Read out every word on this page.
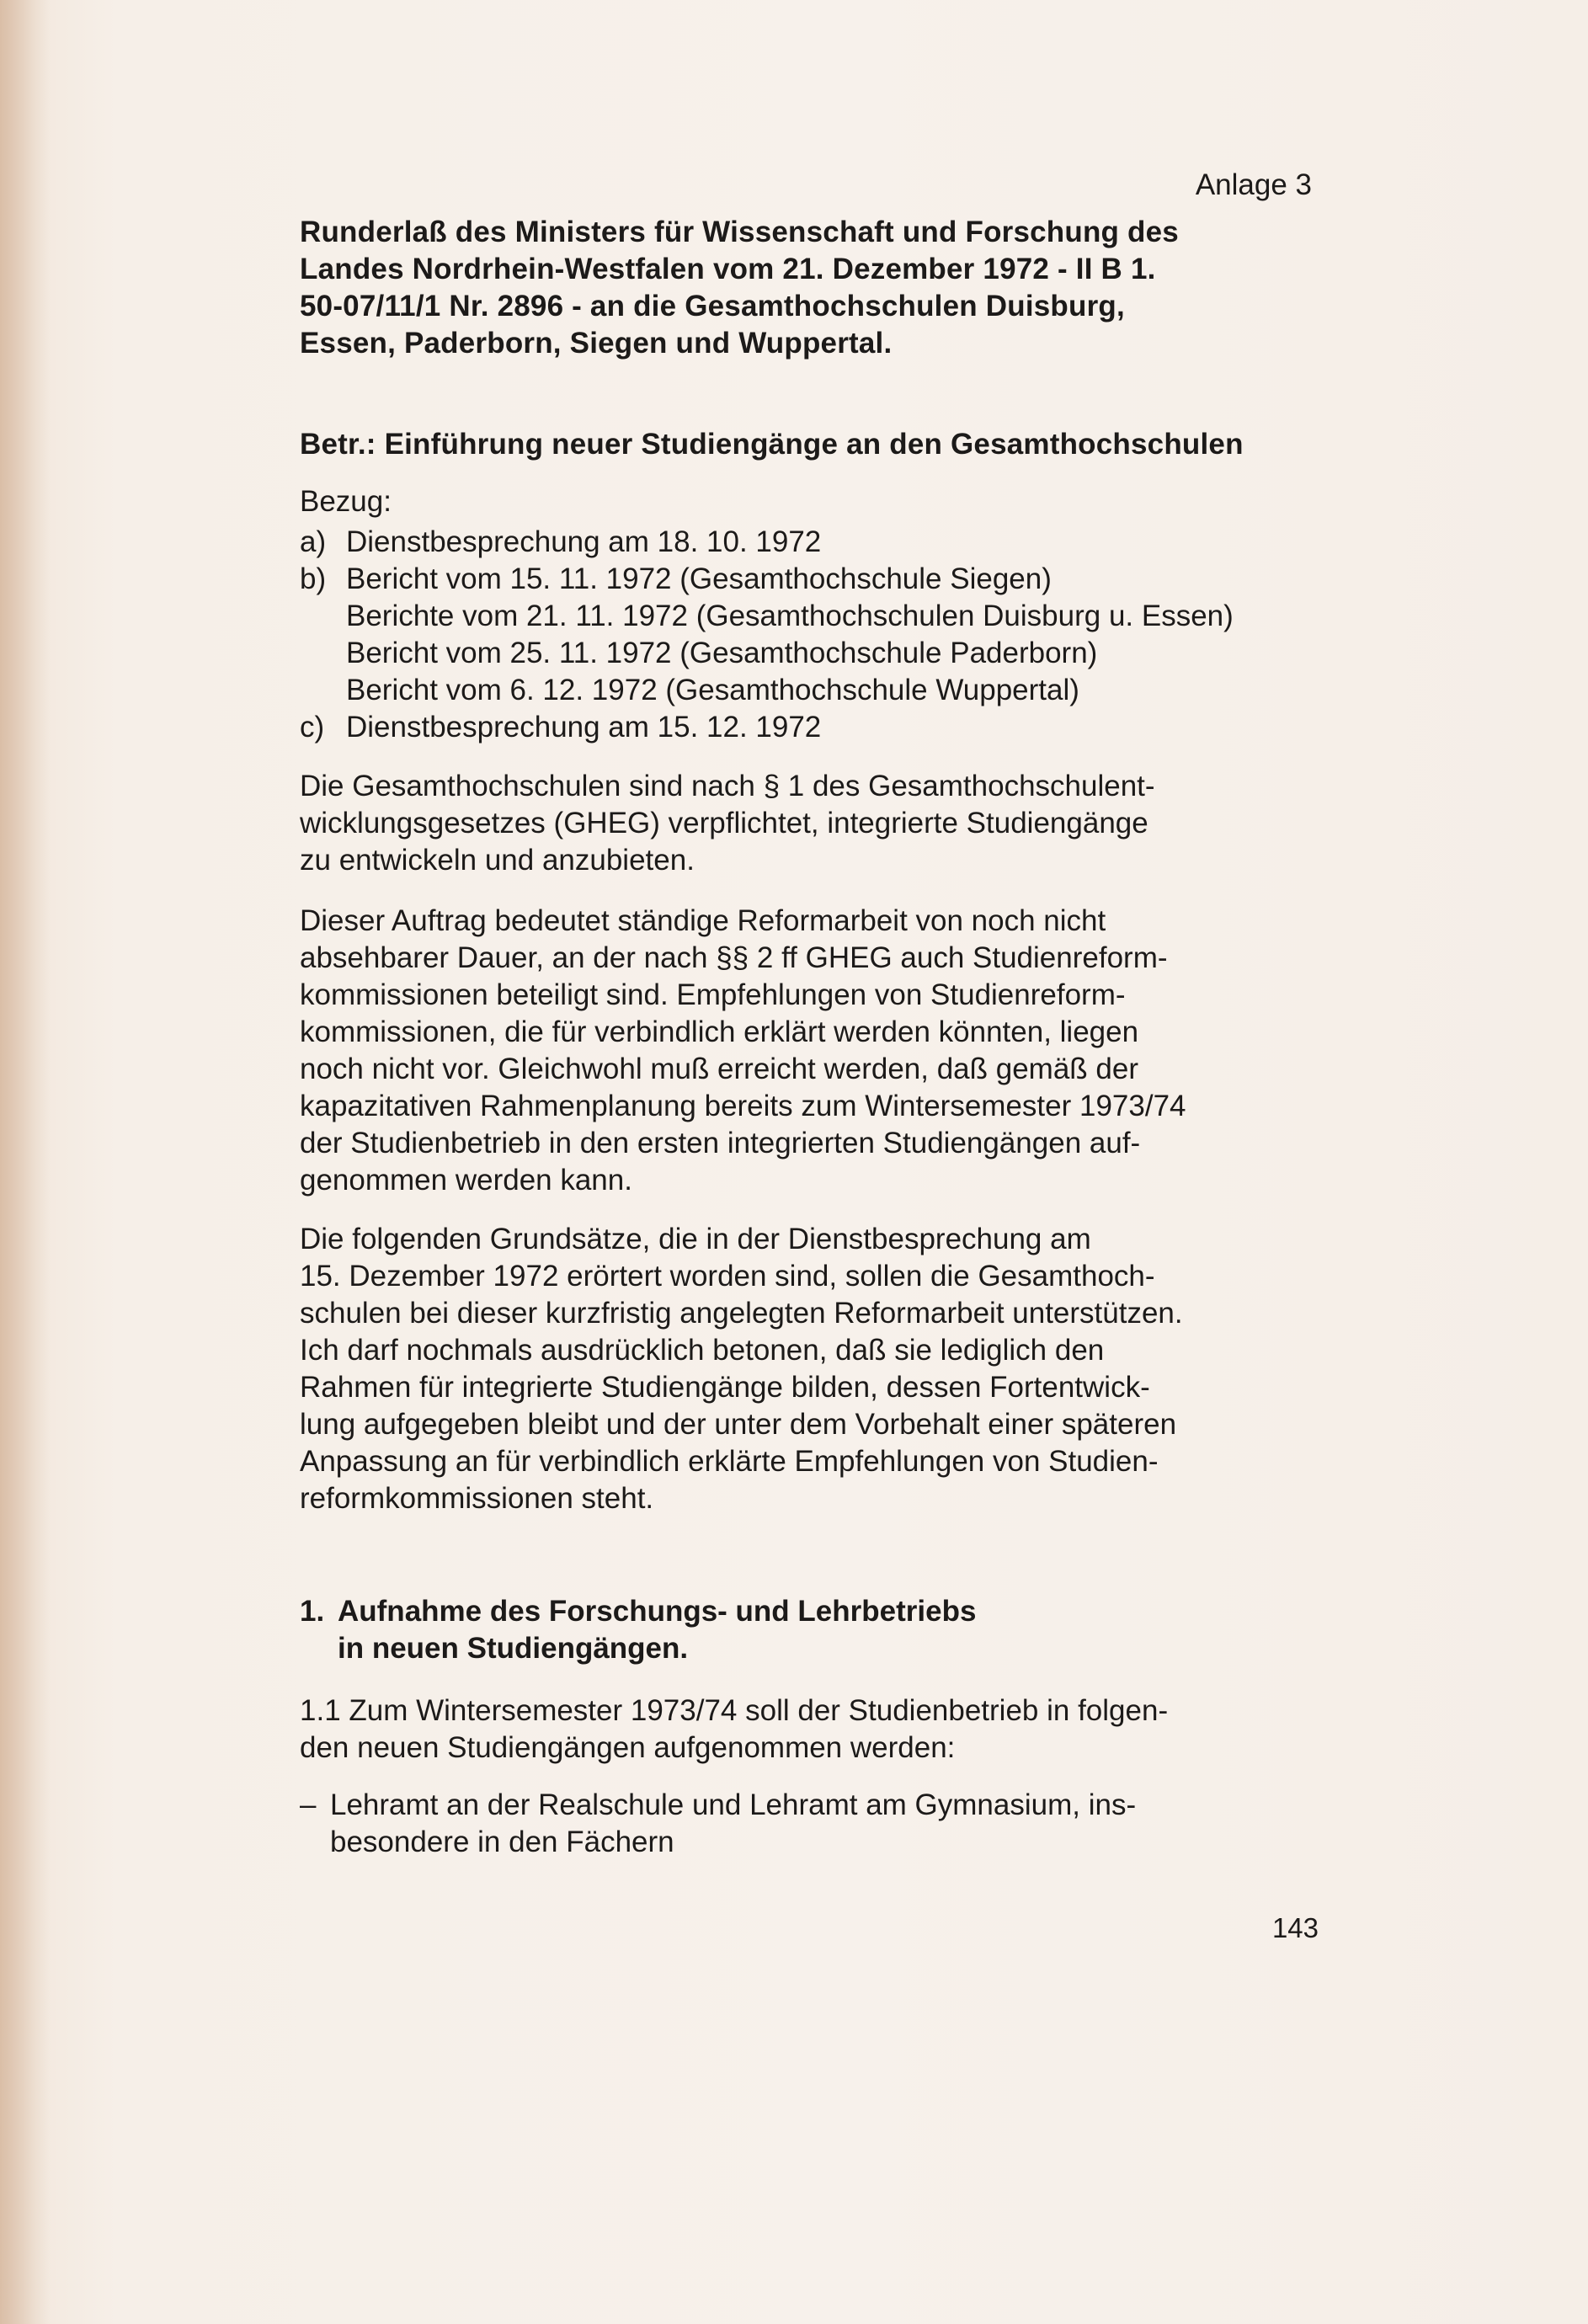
Anlage 3
Runderlaß des Ministers für Wissenschaft und Forschung des
Landes Nordrhein-Westfalen vom 21. Dezember 1972 - II B 1.
50-07/11/1 Nr. 2896 - an die Gesamthochschulen Duisburg,
Essen, Paderborn, Siegen und Wuppertal.
Betr.: Einführung neuer Studiengänge an den Gesamthochschulen
Bezug:
a) Dienstbesprechung am 18. 10. 1972
b) Bericht vom 15. 11. 1972 (Gesamthochschule Siegen)
Berichte vom 21. 11. 1972 (Gesamthochschulen Duisburg u. Essen)
Bericht vom 25. 11. 1972 (Gesamthochschule Paderborn)
Bericht vom 6. 12. 1972 (Gesamthochschule Wuppertal)
c) Dienstbesprechung am 15. 12. 1972
Die Gesamthochschulen sind nach § 1 des Gesamthochschulent-
wicklungsgesetzes (GHEG) verpflichtet, integrierte Studiengänge
zu entwickeln und anzubieten.
Dieser Auftrag bedeutet ständige Reformarbeit von noch nicht
absehbarer Dauer, an der nach §§ 2 ff GHEG auch Studienreform-
kommissionen beteiligt sind. Empfehlungen von Studienreform-
kommissionen, die für verbindlich erklärt werden könnten, liegen
noch nicht vor. Gleichwohl muß erreicht werden, daß gemäß der
kapazitativen Rahmenplanung bereits zum Wintersemester 1973/74
der Studienbetrieb in den ersten integrierten Studiengängen auf-
genommen werden kann.
Die folgenden Grundsätze, die in der Dienstbesprechung am
15. Dezember 1972 erörtert worden sind, sollen die Gesamthoch-
schulen bei dieser kurzfristig angelegten Reformarbeit unterstützen.
Ich darf nochmals ausdrücklich betonen, daß sie lediglich den
Rahmen für integrierte Studiengänge bilden, dessen Fortentwick-
lung aufgegeben bleibt und der unter dem Vorbehalt einer späteren
Anpassung an für verbindlich erklärte Empfehlungen von Studien-
reformkommissionen steht.
1. Aufnahme des Forschungs- und Lehrbetriebs
in neuen Studiengängen.
1.1 Zum Wintersemester 1973/74 soll der Studienbetrieb in folgen-
den neuen Studiengängen aufgenommen werden:
– Lehramt an der Realschule und Lehramt am Gymnasium, ins-
besondere in den Fächern
143
